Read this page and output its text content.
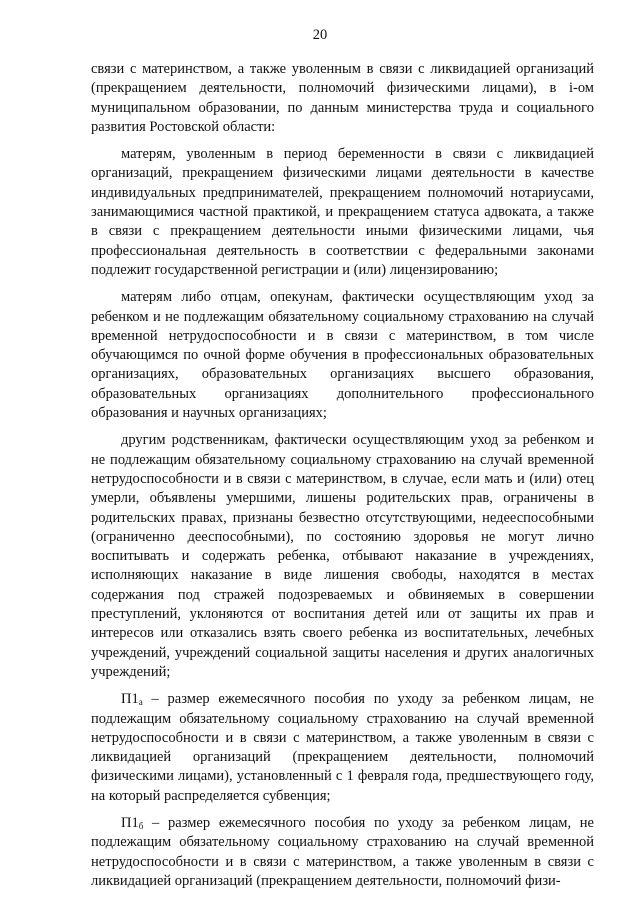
20

связи с материнством, а также уволенным в связи с ликвидацией организаций (прекращением деятельности, полномочий физическими лицами), в i-ом муниципальном образовании, по данным министерства труда и социального развития Ростовской области:

матерям, уволенным в период беременности в связи с ликвидацией организаций, прекращением физическими лицами деятельности в качестве индивидуальных предпринимателей, прекращением полномочий нотариусами, занимающимися частной практикой, и прекращением статуса адвоката, а также в связи с прекращением деятельности иными физическими лицами, чья профессиональная деятельность в соответствии с федеральными законами подлежит государственной регистрации и (или) лицензированию;

матерям либо отцам, опекунам, фактически осуществляющим уход за ребенком и не подлежащим обязательному социальному страхованию на случай временной нетрудоспособности и в связи с материнством, в том числе обучающимся по очной форме обучения в профессиональных образовательных организациях, образовательных организациях высшего образования, образовательных организациях дополнительного профессионального образования и научных организациях;

другим родственникам, фактически осуществляющим уход за ребенком и не подлежащим обязательному социальному страхованию на случай временной нетрудоспособности и в связи с материнством, в случае, если мать и (или) отец умерли, объявлены умершими, лишены родительских прав, ограничены в родительских правах, признаны безвестно отсутствующими, недееспособными (ограниченно дееспособными), по состоянию здоровья не могут лично воспитывать и содержать ребенка, отбывают наказание в учреждениях, исполняющих наказание в виде лишения свободы, находятся в местах содержания под стражей подозреваемых и обвиняемых в совершении преступлений, уклоняются от воспитания детей или от защиты их прав и интересов или отказались взять своего ребенка из воспитательных, лечебных учреждений, учреждений социальной защиты населения и других аналогичных учреждений;

$П1_а$ – размер ежемесячного пособия по уходу за ребенком лицам, не подлежащим обязательному социальному страхованию на случай временной нетрудоспособности и в связи с материнством, а также уволенным в связи с ликвидацией организаций (прекращением деятельности, полномочий физическими лицами), установленный с 1 февраля года, предшествующего году, на который распределяется субвенция;

$П1_б$ – размер ежемесячного пособия по уходу за ребенком лицам, не подлежащим обязательному социальному страхованию на случай временной нетрудоспособности и в связи с материнством, а также уволенным в связи с ликвидацией организаций (прекращением деятельности, полномочий физи-
